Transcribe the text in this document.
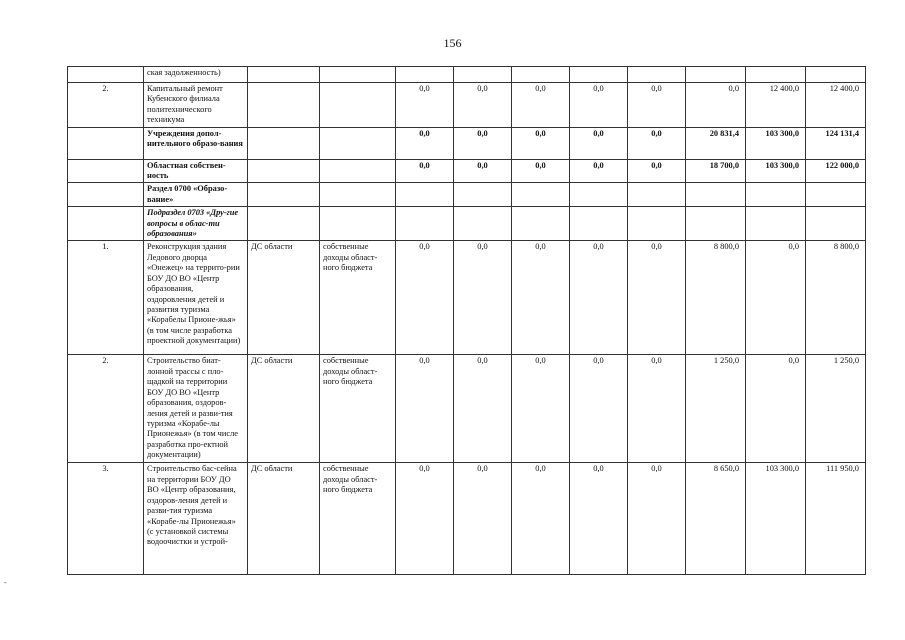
156
	ская задолженность)										
2.	Капитальный ремонт Кубенского филиала политехнического техникума			0,0	0,0	0,0	0,0	0,0	0,0	12 400,0	12 400,0
	Учреждения допол-нительного образо-вания			0,0	0,0	0,0	0,0	0,0	20 831,4	103 300,0	124 131,4
	Областная собствен-ность			0,0	0,0	0,0	0,0	0,0	18 700,0	103 300,0	122 000,0
	Раздел 0700 «Образо-вание»										
	Подраздел 0703 «Дру-гие вопросы в облас-ти образования»										
1.	Реконструкция здания Ледового дворца «Онежец» на террито-рии БОУ ДО ВО «Центр образования, оздоровления детей и развития туризма «Корабелы Прионе-жья» (в том числе разработка проектной документации)	ДС области	собственные доходы област-ного бюджета	0,0	0,0	0,0	0,0	0,0	8 800,0	0,0	8 800,0
2.	Строительство биат-лонной трассы с пло-щадкой на территории БОУ ДО ВО «Центр образования, оздоров-ления детей и разви-тия туризма «Корабе-лы Прионежья» (в том числе разработка про-ектной документации)	ДС области	собственные доходы област-ного бюджета	0,0	0,0	0,0	0,0	0,0	1 250,0	0,0	1 250,0
3.	Строительство бас-сейна на территории БОУ ДО ВО «Центр образования, оздоров-ления детей и разви-тия туризма «Корабе-лы Прионежья» (с установкой системы водоочистки и устрой-	ДС области	собственные доходы област-ного бюджета	0,0	0,0	0,0	0,0	0,0	8 650,0	103 300,0	111 950,0
-
